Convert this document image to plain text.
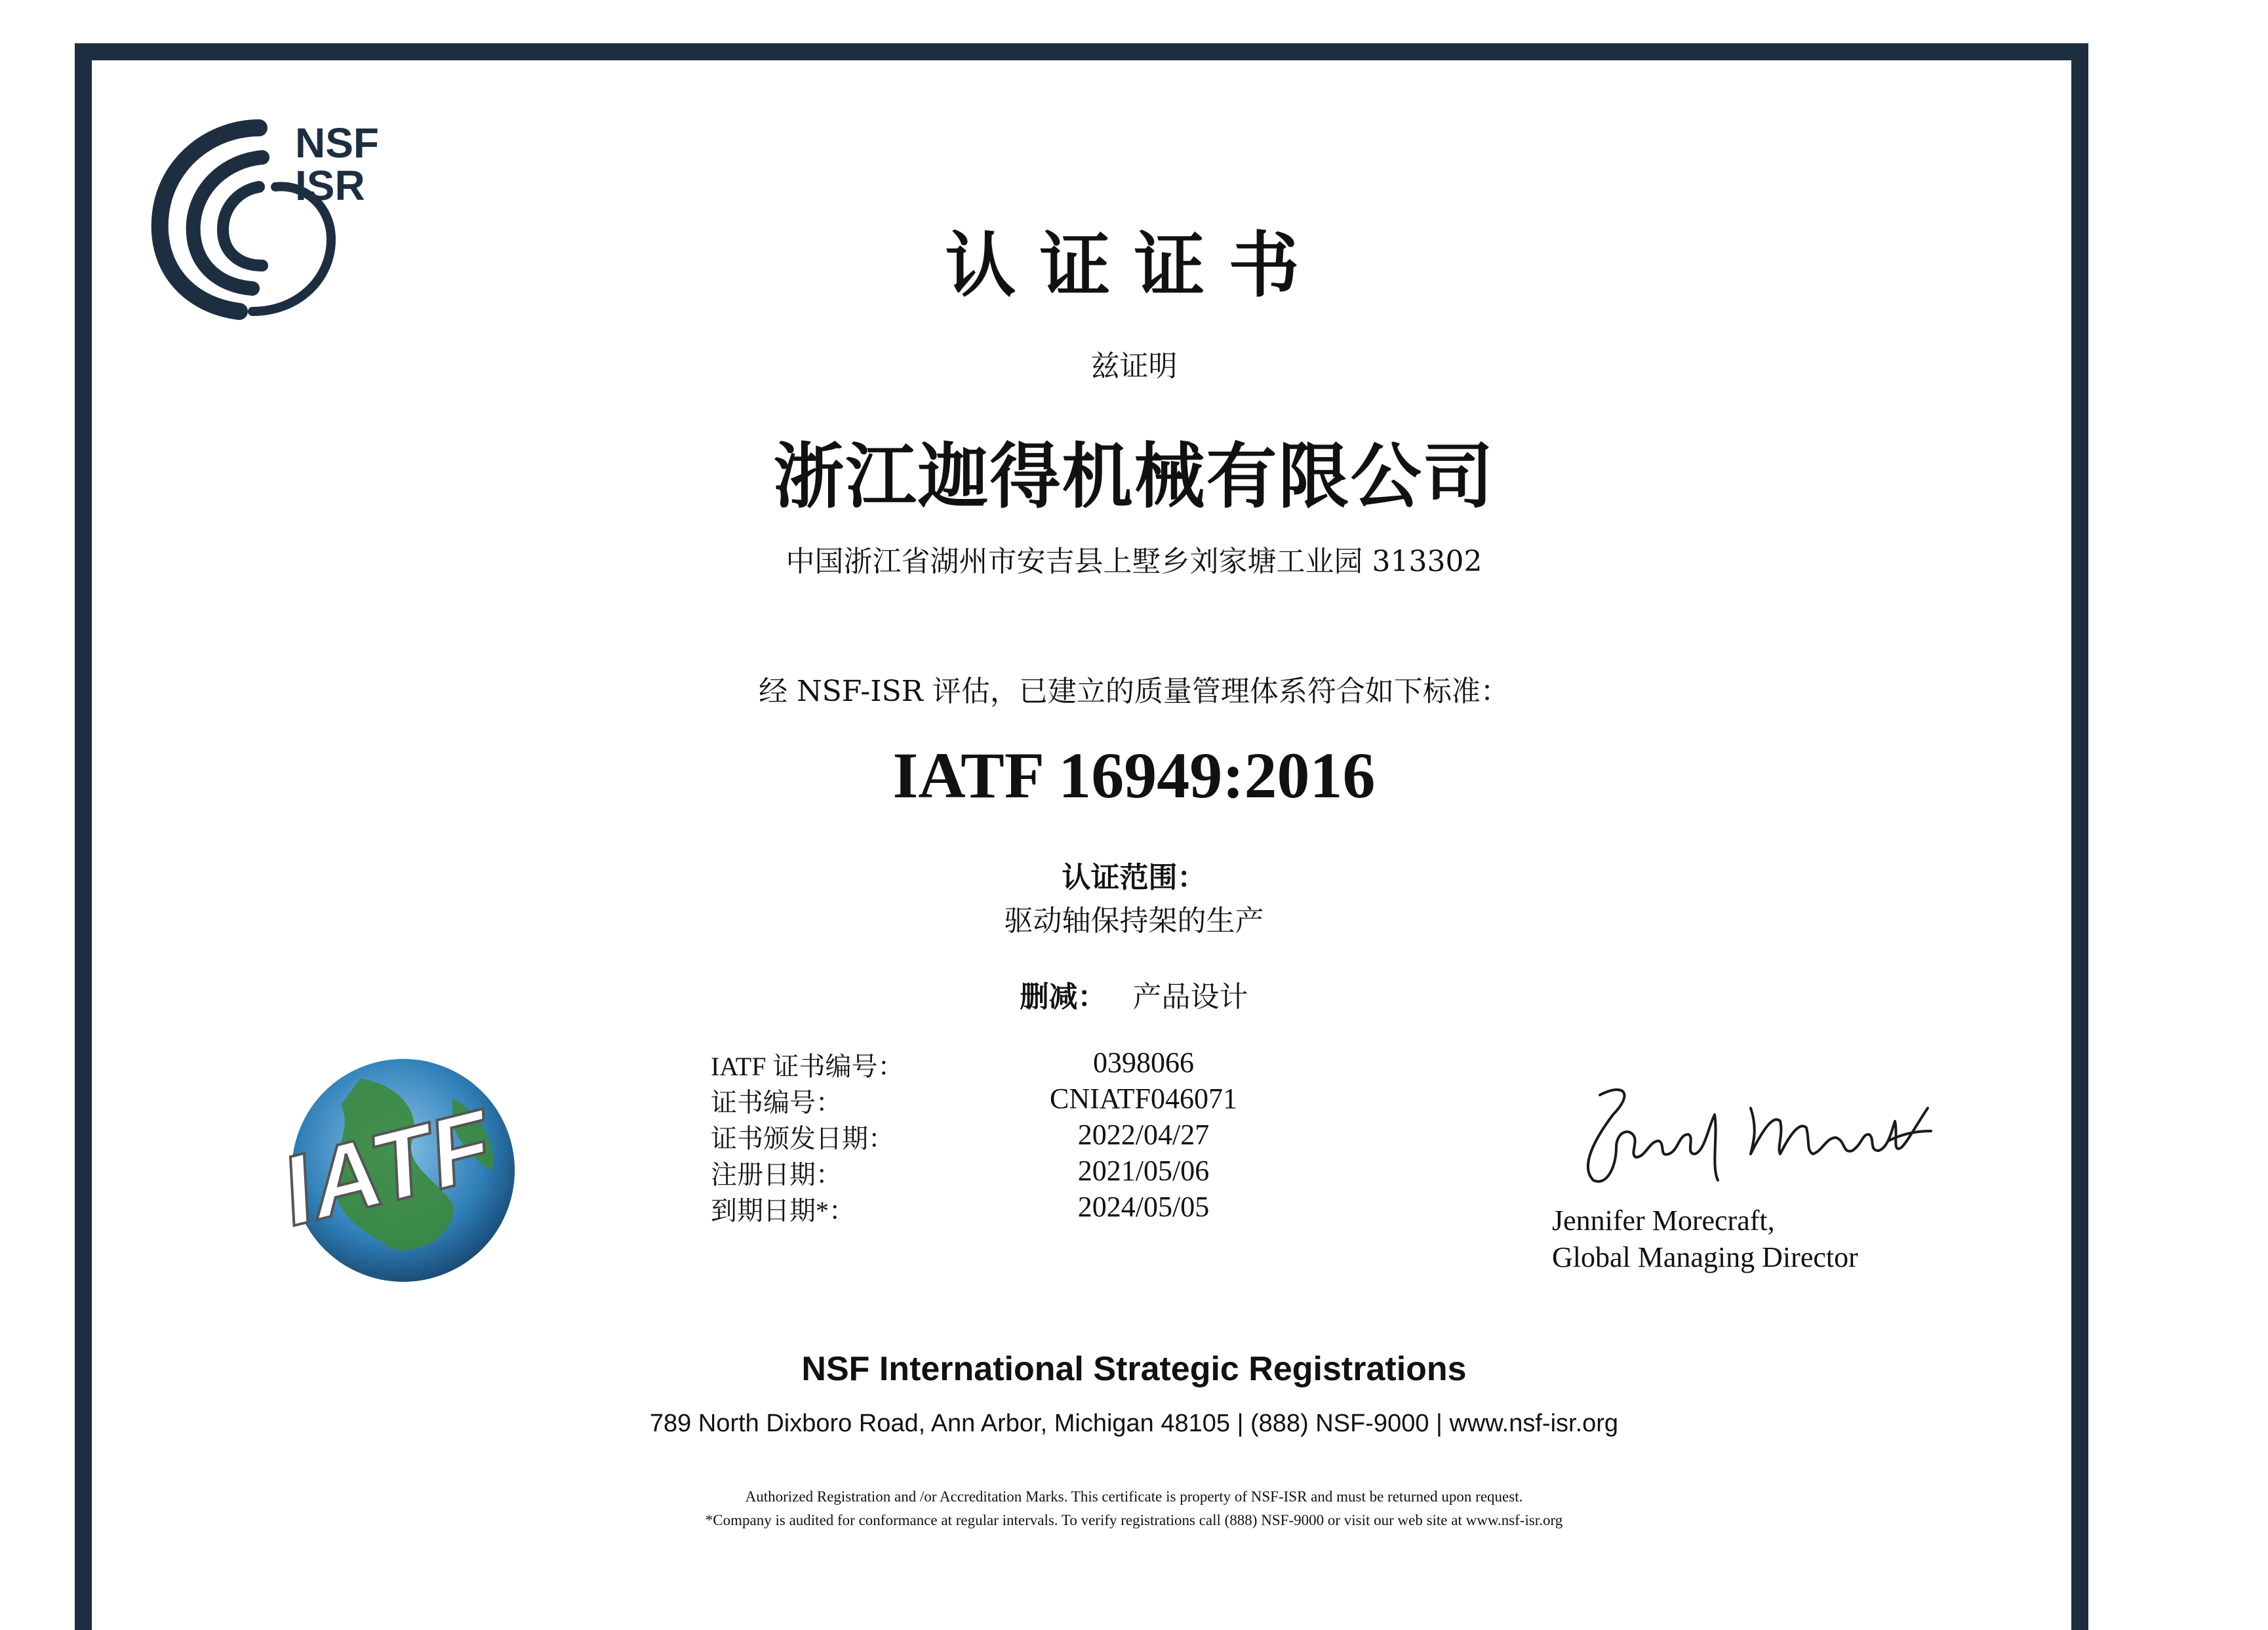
NSF
ISR
认证证书
兹证明
浙江迦得机械有限公司
中国浙江省湖州市安吉县上墅乡刘家塘工业园 313302
经 NSF-ISR 评估，已建立的质量管理体系符合如下标准：
IATF 16949:2016
认证范围：
驱动轴保持架的生产
删减： 产品设计
IATF
IATF 证书编号：	0398066
证书编号：	CNIATF046071
证书颁发日期：	2022/04/27
注册日期：	2021/05/06
到期日期*：	2024/05/05	Jennifer Morecraft,
Global Managing Director
NSF International Strategic Registrations
789 North Dixboro Road, Ann Arbor, Michigan 48105 | (888) NSF-9000 | www.nsf-isr.org
Authorized Registration and /or Accreditation Marks. This certificate is property of NSF-ISR and must be returned upon request.
*Company is audited for conformance at regular intervals. To verify registrations call (888) NSF-9000 or visit our web site at www.nsf-isr.org
